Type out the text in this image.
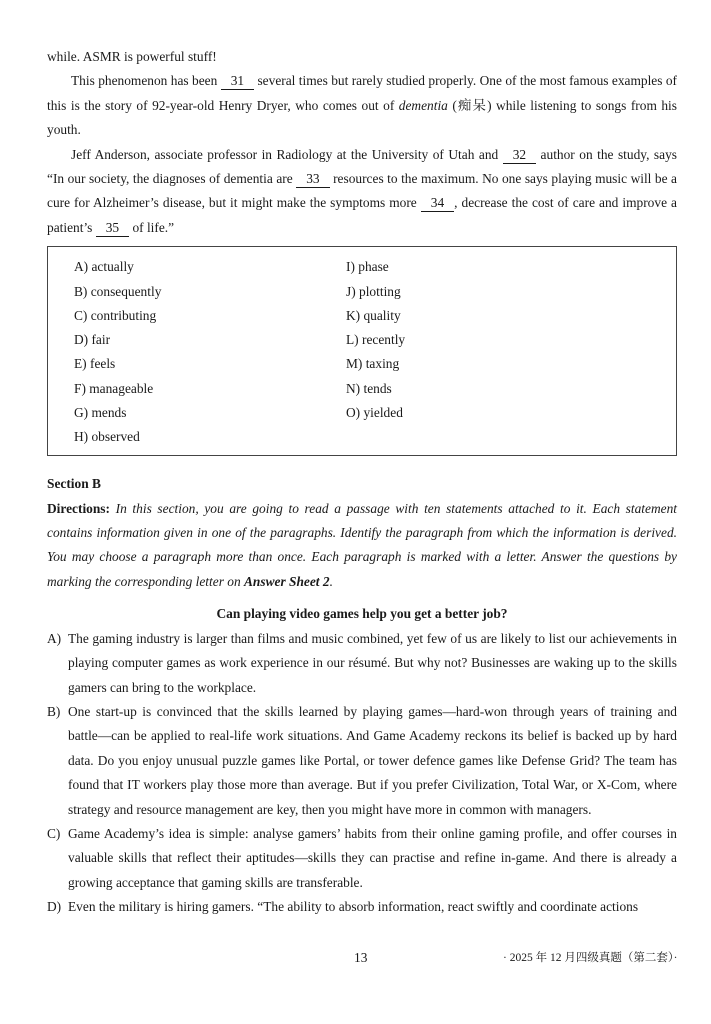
while. ASMR is powerful stuff!

This phenomenon has been 31 several times but rarely studied properly. One of the most famous examples of this is the story of 92-year-old Henry Dryer, who comes out of dementia (痴呆) while listening to songs from his youth.

Jeff Anderson, associate professor in Radiology at the University of Utah and 32 author on the study, says “In our society, the diagnoses of dementia are 33 resources to the maximum. No one says playing music will be a cure for Alzheimer’s disease, but it might make the symptoms more 34 , decrease the cost of care and improve a patient’s 35 of life.”

A) actually
B) consequently
C) contributing
D) fair
E) feels
F) manageable
G) mends
H) observed
I) phase
J) plotting
K) quality
L) recently
M) taxing
N) tends
O) yielded

Section B

Directions: In this section, you are going to read a passage with ten statements attached to it. Each statement contains information given in one of the paragraphs. Identify the paragraph from which the information is derived. You may choose a paragraph more than once. Each paragraph is marked with a letter. Answer the questions by marking the corresponding letter on Answer Sheet 2.

Can playing video games help you get a better job?

A) The gaming industry is larger than films and music combined, yet few of us are likely to list our achievements in playing computer games as work experience in our résumé. But why not? Businesses are waking up to the skills gamers can bring to the workplace.
B) One start-up is convinced that the skills learned by playing games—hard-won through years of training and battle—can be applied to real-life work situations. And Game Academy reckons its belief is backed up by hard data. Do you enjoy unusual puzzle games like Portal, or tower defence games like Defense Grid? The team has found that IT workers play those more than average. But if you prefer Civilization, Total War, or X-Com, where strategy and resource management are key, then you might have more in common with managers.
C) Game Academy’s idea is simple: analyse gamers’ habits from their online gaming profile, and offer courses in valuable skills that reflect their aptitudes—skills they can practise and refine in-game. And there is already a growing acceptance that gaming skills are transferable.
D) Even the military is hiring gamers. “The ability to absorb information, react swiftly and coordinate actions
13	· 2025 年 12 月四级真题（第二套）·
